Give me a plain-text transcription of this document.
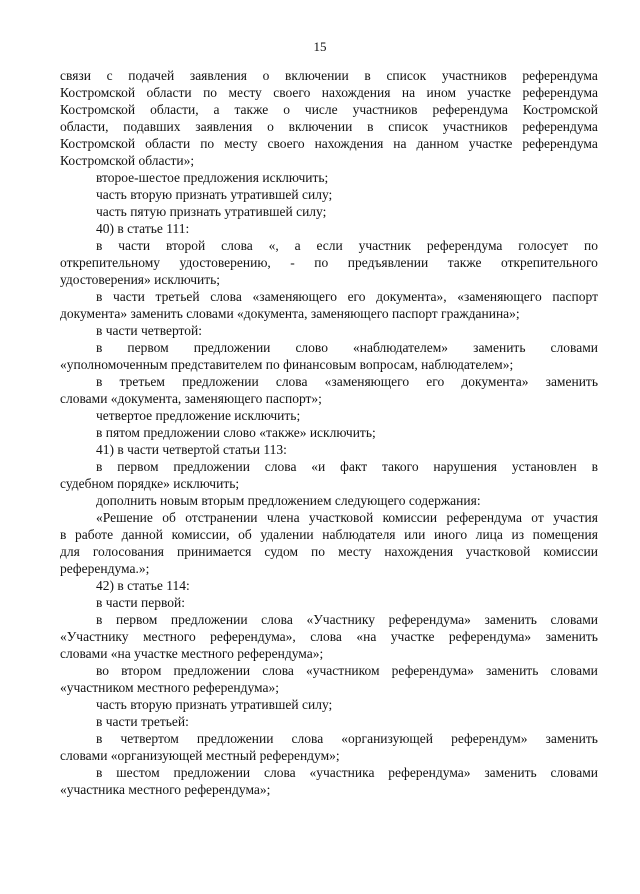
15
связи с подачей заявления о включении в список участников референдума
Костромской области по месту своего нахождения на ином участке референдума
Костромской области, а также о числе участников референдума Костромской
области, подавших заявления о включении в список участников референдума
Костромской области по месту своего нахождения на данном участке референдума
Костромской области»;
второе-шестое предложения исключить;
часть вторую признать утратившей силу;
часть пятую признать утратившей силу;
40) в статье 111:
в части второй слова «, а если участник референдума голосует по
открепительному удостоверению, - по предъявлении также открепительного
удостоверения» исключить;
в части третьей слова «заменяющего его документа», «заменяющего паспорт
документа» заменить словами «документа, заменяющего паспорт гражданина»;
в части четвертой:
в первом предложении слово «наблюдателем» заменить словами
«уполномоченным представителем по финансовым вопросам, наблюдателем»;
в третьем предложении слова «заменяющего его документа» заменить
словами «документа, заменяющего паспорт»;
четвертое предложение исключить;
в пятом предложении слово «также» исключить;
41) в части четвертой статьи 113:
в первом предложении слова «и факт такого нарушения установлен в
судебном порядке» исключить;
дополнить новым вторым предложением следующего содержания:
«Решение об отстранении члена участковой комиссии референдума от участия
в работе данной комиссии, об удалении наблюдателя или иного лица из помещения
для голосования принимается судом по месту нахождения участковой комиссии
референдума.»;
42) в статье 114:
в части первой:
в первом предложении слова «Участнику референдума» заменить словами
«Участнику местного референдума», слова «на участке референдума» заменить
словами «на участке местного референдума»;
во втором предложении слова «участником референдума» заменить словами
«участником местного референдума»;
часть вторую признать утратившей силу;
в части третьей:
в четвертом предложении слова «организующей референдум» заменить
словами «организующей местный референдум»;
в шестом предложении слова «участника референдума» заменить словами
«участника местного референдума»;
